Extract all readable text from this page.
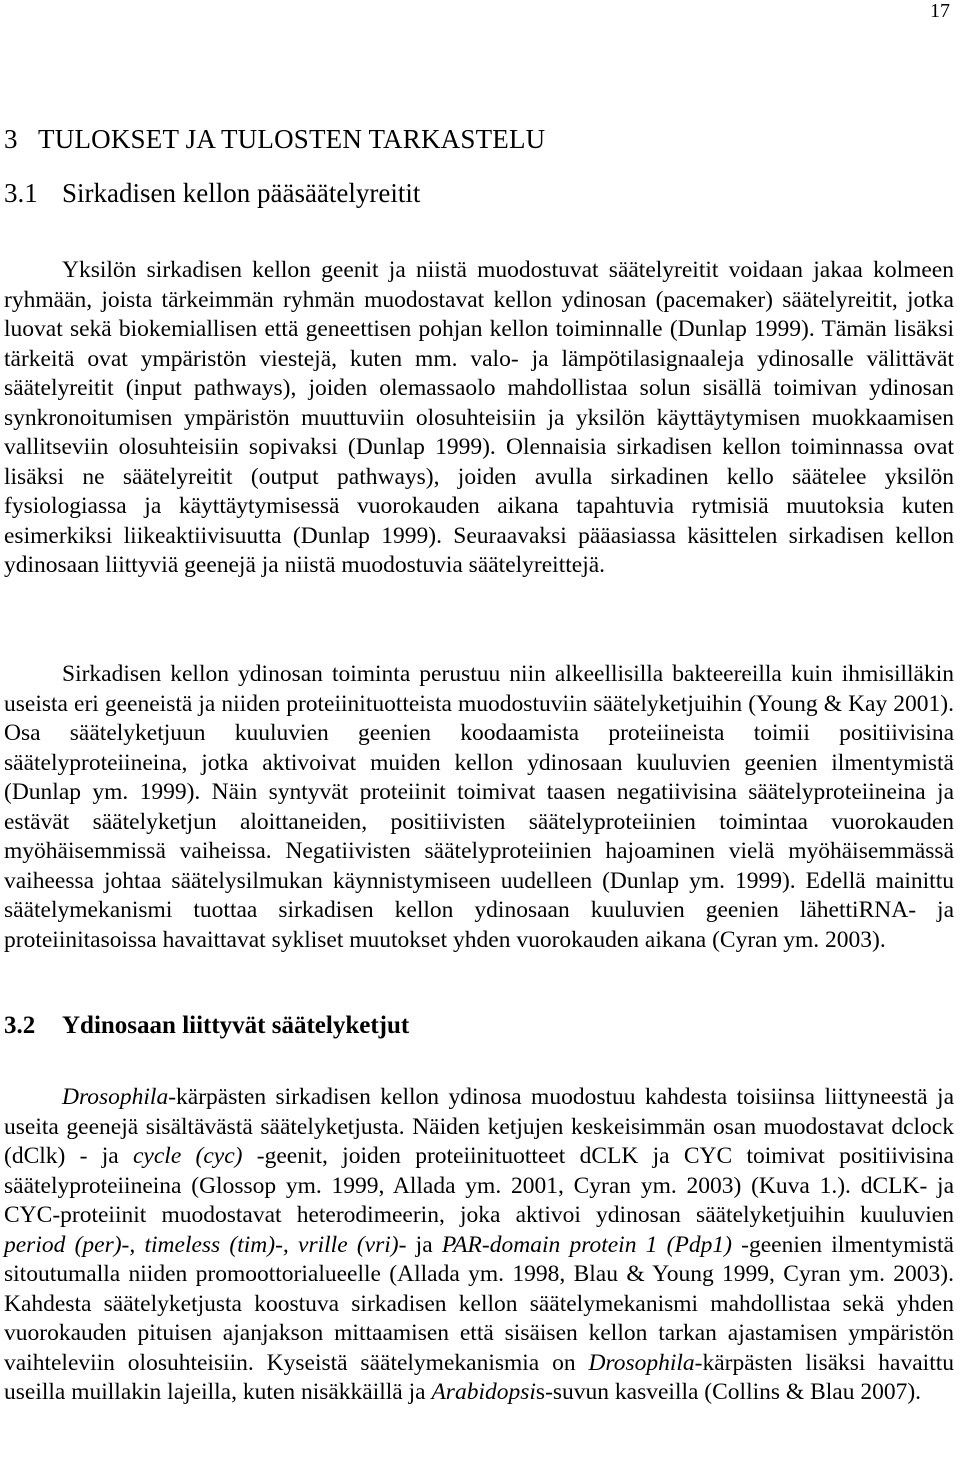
17
3   TULOKSET JA TULOSTEN TARKASTELU
3.1 Sirkadisen kellon pääsäätelyreitit

Yksilön sirkadisen kellon geenit ja niistä muodostuvat säätelyreitit voidaan jakaa kolmeen ryhmään, joista tärkeimmän ryhmän muodostavat kellon ydinosan (pacemaker) säätelyreitit, jotka luovat sekä biokemiallisen että geneettisen pohjan kellon toiminnalle (Dunlap 1999). Tämän lisäksi tärkeitä ovat ympäristön viestejä, kuten mm. valo- ja lämpötilasignaaleja ydinosalle välittävät säätelyreitit (input pathways), joiden olemassaolo mahdollistaa solun sisällä toimivan ydinosan synkronoitumisen ympäristön muuttuviin olosuhteisiin ja yksilön käyttäytymisen muokkaamisen vallitseviin olosuhteisiin sopivaksi (Dunlap 1999). Olennaisia sirkadisen kellon toiminnassa ovat lisäksi ne säätelyreitit (output pathways), joiden avulla sirkadinen kello säätelee yksilön fysiologiassa ja käyttäytymisessä vuorokauden aikana tapahtuvia rytmisiä muutoksia kuten esimerkiksi liikeaktiivisuutta (Dunlap 1999). Seuraavaksi pääasiassa käsittelen sirkadisen kellon ydinosaan liittyviä geenejä ja niistä muodostuvia säätelyreittejä.

Sirkadisen kellon ydinosan toiminta perustuu niin alkeellisilla bakteereilla kuin ihmisilläkin useista eri geeneistä ja niiden proteiinituotteista muodostuviin säätelyketjuihin (Young & Kay 2001). Osa säätelyketjuun kuuluvien geenien koodaamista proteiineista toimii positiivisina säätelyproteiineina, jotka aktivoivat muiden kellon ydinosaan kuuluvien geenien ilmentymistä (Dunlap ym. 1999). Näin syntyvät proteiinit toimivat taasen negatiivisina säätelyproteiineina ja estävät säätelyketjun aloittaneiden, positiivisten säätelyproteiinien toimintaa vuorokauden myöhäisemmissä vaiheissa. Negatiivisten säätelyproteiinien hajoaminen vielä myöhäisemmässä vaiheessa johtaa säätelysilmukan käynnistymiseen uudelleen (Dunlap ym. 1999). Edellä mainittu säätelymekanismi tuottaa sirkadisen kellon ydinosaan kuuluvien geenien lähettiRNA- ja proteiinitasoissa havaittavat sykliset muutokset yhden vuorokauden aikana (Cyran ym. 2003).

3.2 Ydinosaan liittyvät säätelyketjut

Drosophila-kärpästen sirkadisen kellon ydinosa muodostuu kahdesta toisiinsa liittyneestä ja useita geenejä sisältävästä säätelyketjusta. Näiden ketjujen keskeisimmän osan muodostavat dclock (dClk) - ja cycle (cyc) -geenit, joiden proteiinituotteet dCLK ja CYC toimivat positiivisina säätelyproteiineina (Glossop ym. 1999, Allada ym. 2001, Cyran ym. 2003) (Kuva 1.). dCLK- ja CYC-proteiinit muodostavat heterodimeerin, joka aktivoi ydinosan säätelyketjuihin kuuluvien period (per)-, timeless (tim)-, vrille (vri)- ja PAR-domain protein 1 (Pdp1) -geenien ilmentymistä sitoutumalla niiden promoottorialueelle (Allada ym. 1998, Blau & Young 1999, Cyran ym. 2003). Kahdesta säätelyketjusta koostuva sirkadisen kellon säätelymekanismi mahdollistaa sekä yhden vuorokauden pituisen ajanjakson mittaamisen että sisäisen kellon tarkan ajastamisen ympäristön vaihteleviin olosuhteisiin. Kyseistä säätelymekanismia on Drosophila-kärpästen lisäksi havaittu useilla muillakin lajeilla, kuten nisäkkäillä ja Arabidopsis-suvun kasveilla (Collins & Blau 2007).
